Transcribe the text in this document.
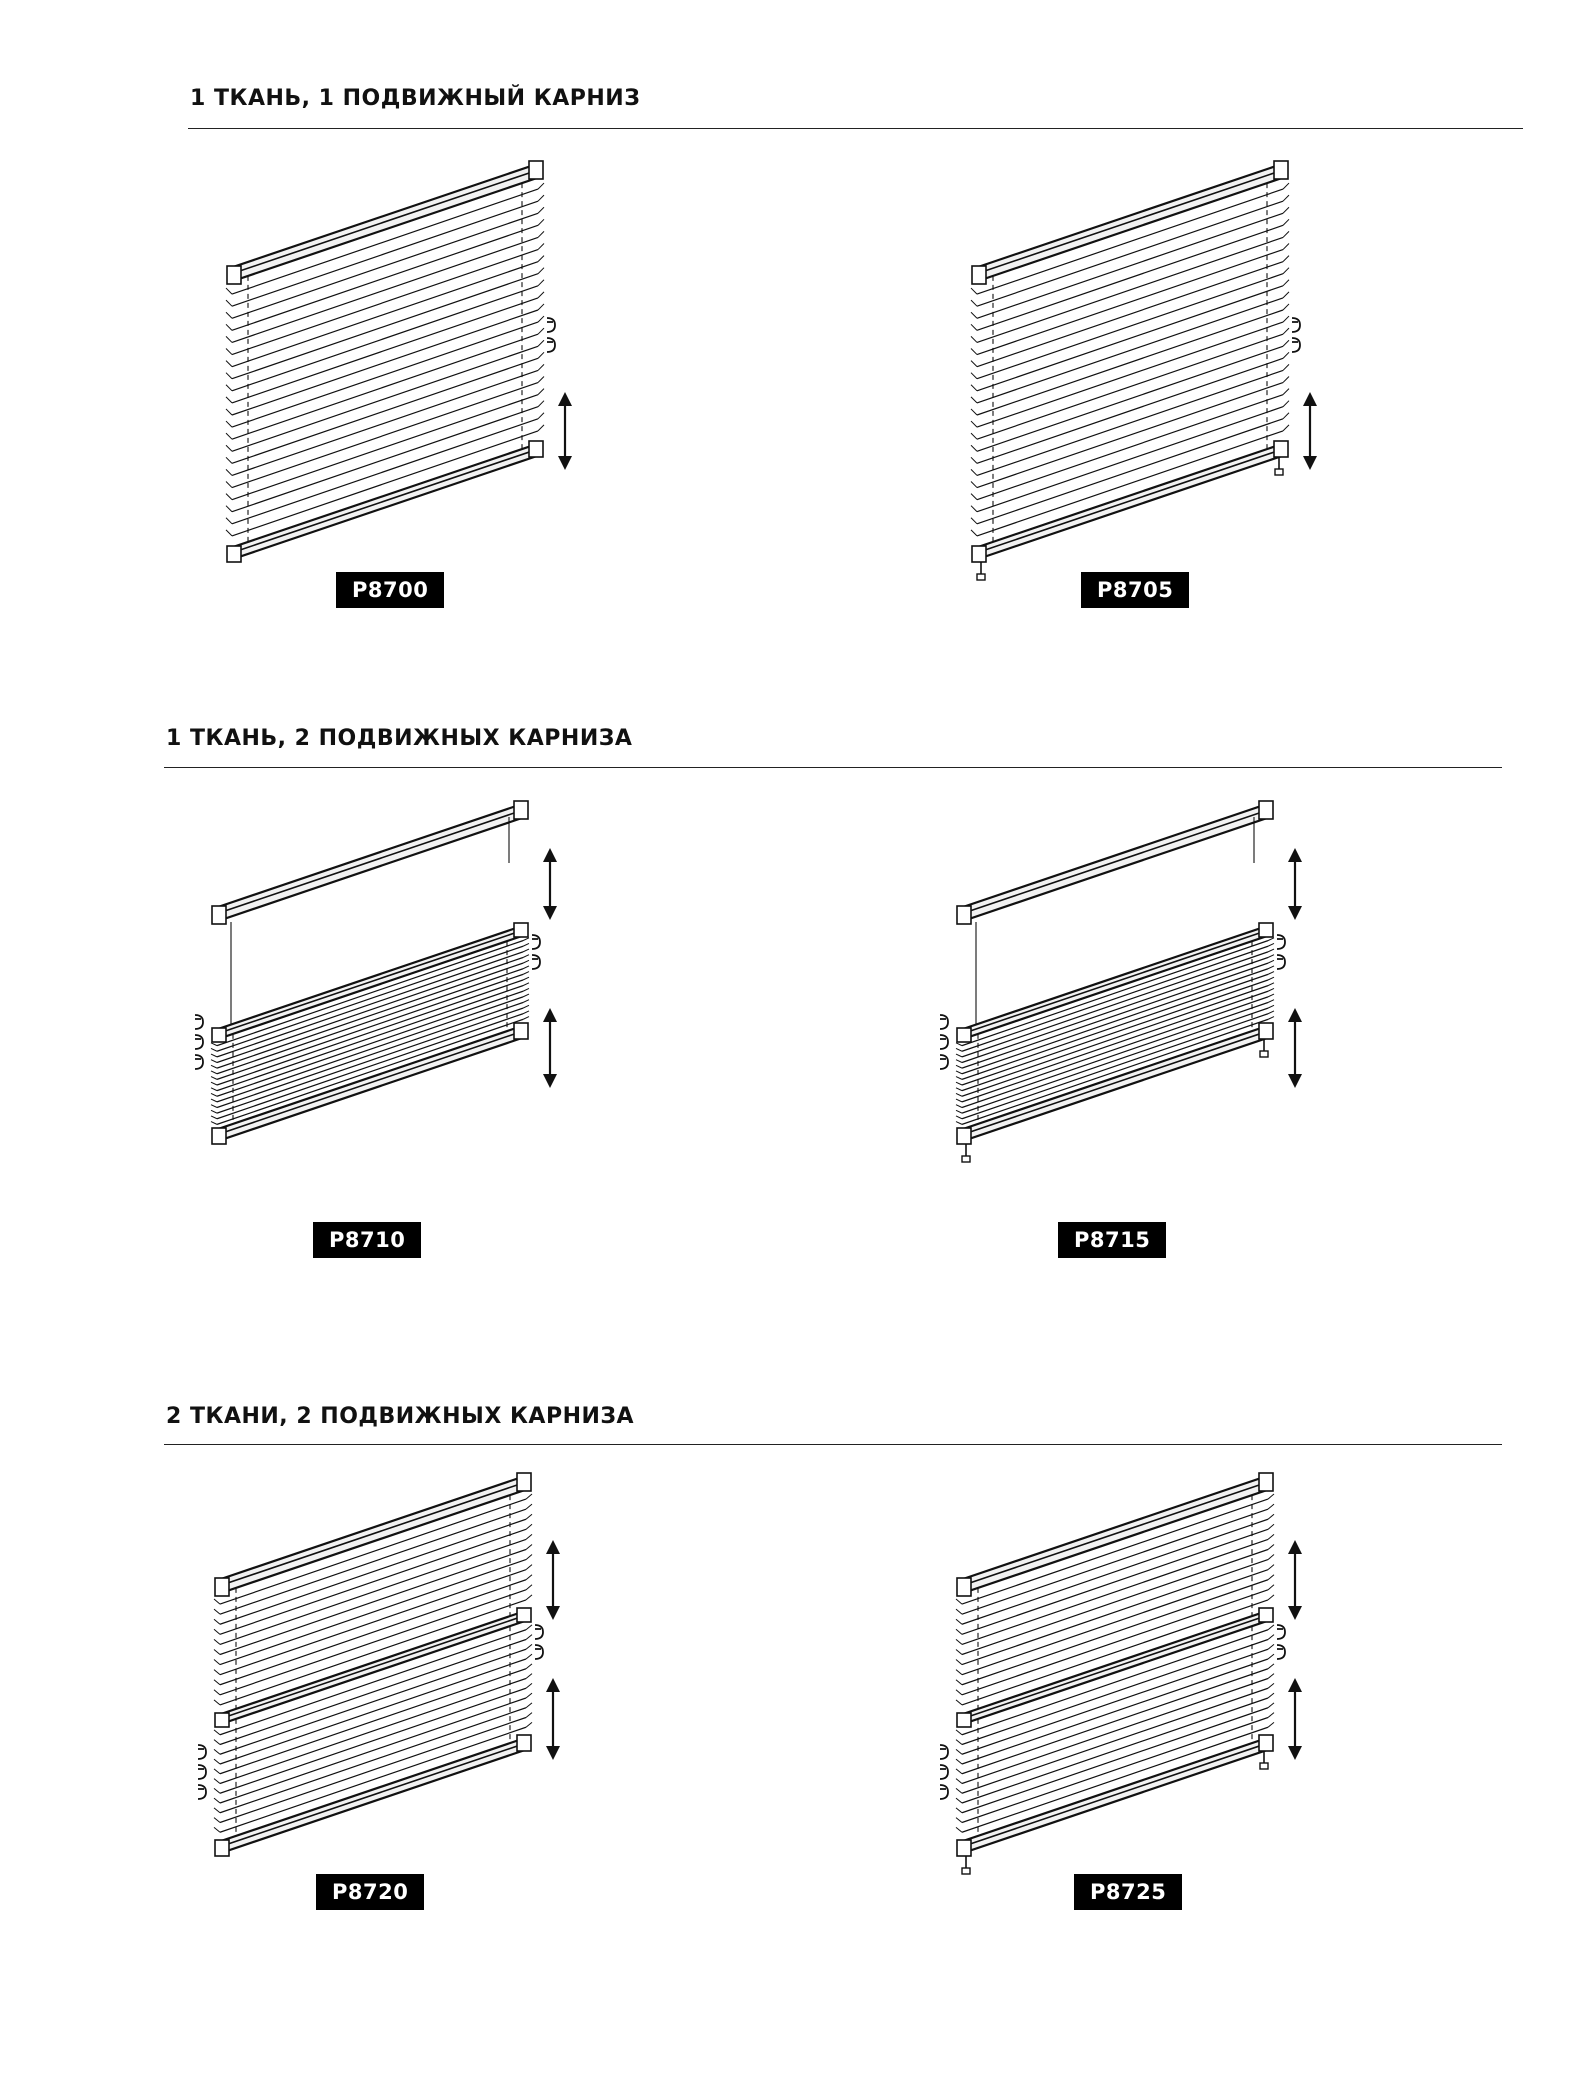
1 ТКАНЬ, 1 ПОДВИЖНЫЙ КАРНИЗ
P8700	P8705
1 ТКАНЬ, 2 ПОДВИЖНЫХ КАРНИЗА
P8710	P8715
2 ТКАНИ, 2 ПОДВИЖНЫХ КАРНИЗА
P8720	P8725
